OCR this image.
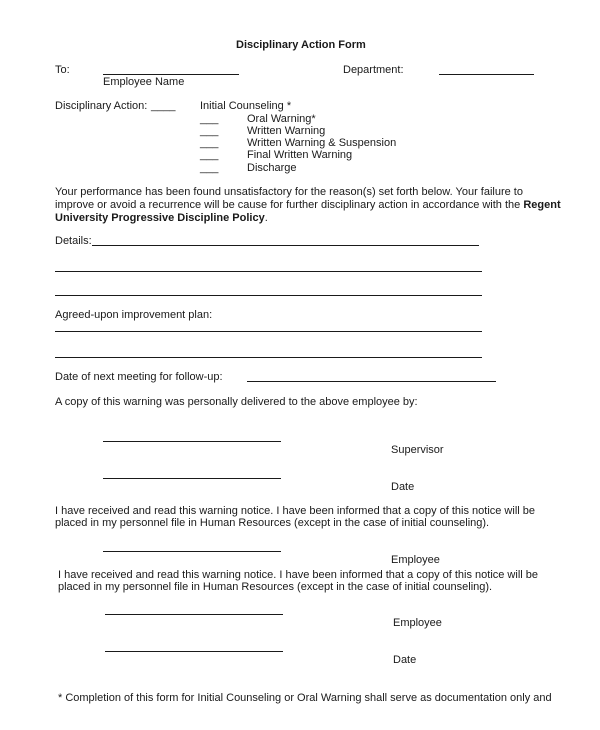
Disciplinary Action Form
To:
Employee Name
Department:
Disciplinary Action: ____ Initial Counseling *
___	Oral Warning*
___	Written Warning
___	Written Warning & Suspension
___	Final Written Warning
___	Discharge
Your performance has been found unsatisfactory for the reason(s) set forth below. Your failure to
improve or avoid a recurrence will be cause for further disciplinary action in accordance with the Regent
University Progressive Discipline Policy.
Details:
Agreed-upon improvement plan:
Date of next meeting for follow-up:
A copy of this warning was personally delivered to the above employee by:
Supervisor
Date
I have received and read this warning notice. I have been informed that a copy of this notice will be
placed in my personnel file in Human Resources (except in the case of initial counseling).
Employee
I have received and read this warning notice. I have been informed that a copy of this notice will be
placed in my personnel file in Human Resources (except in the case of initial counseling).
Employee
Date
* Completion of this form for Initial Counseling or Oral Warning shall serve as documentation only and
